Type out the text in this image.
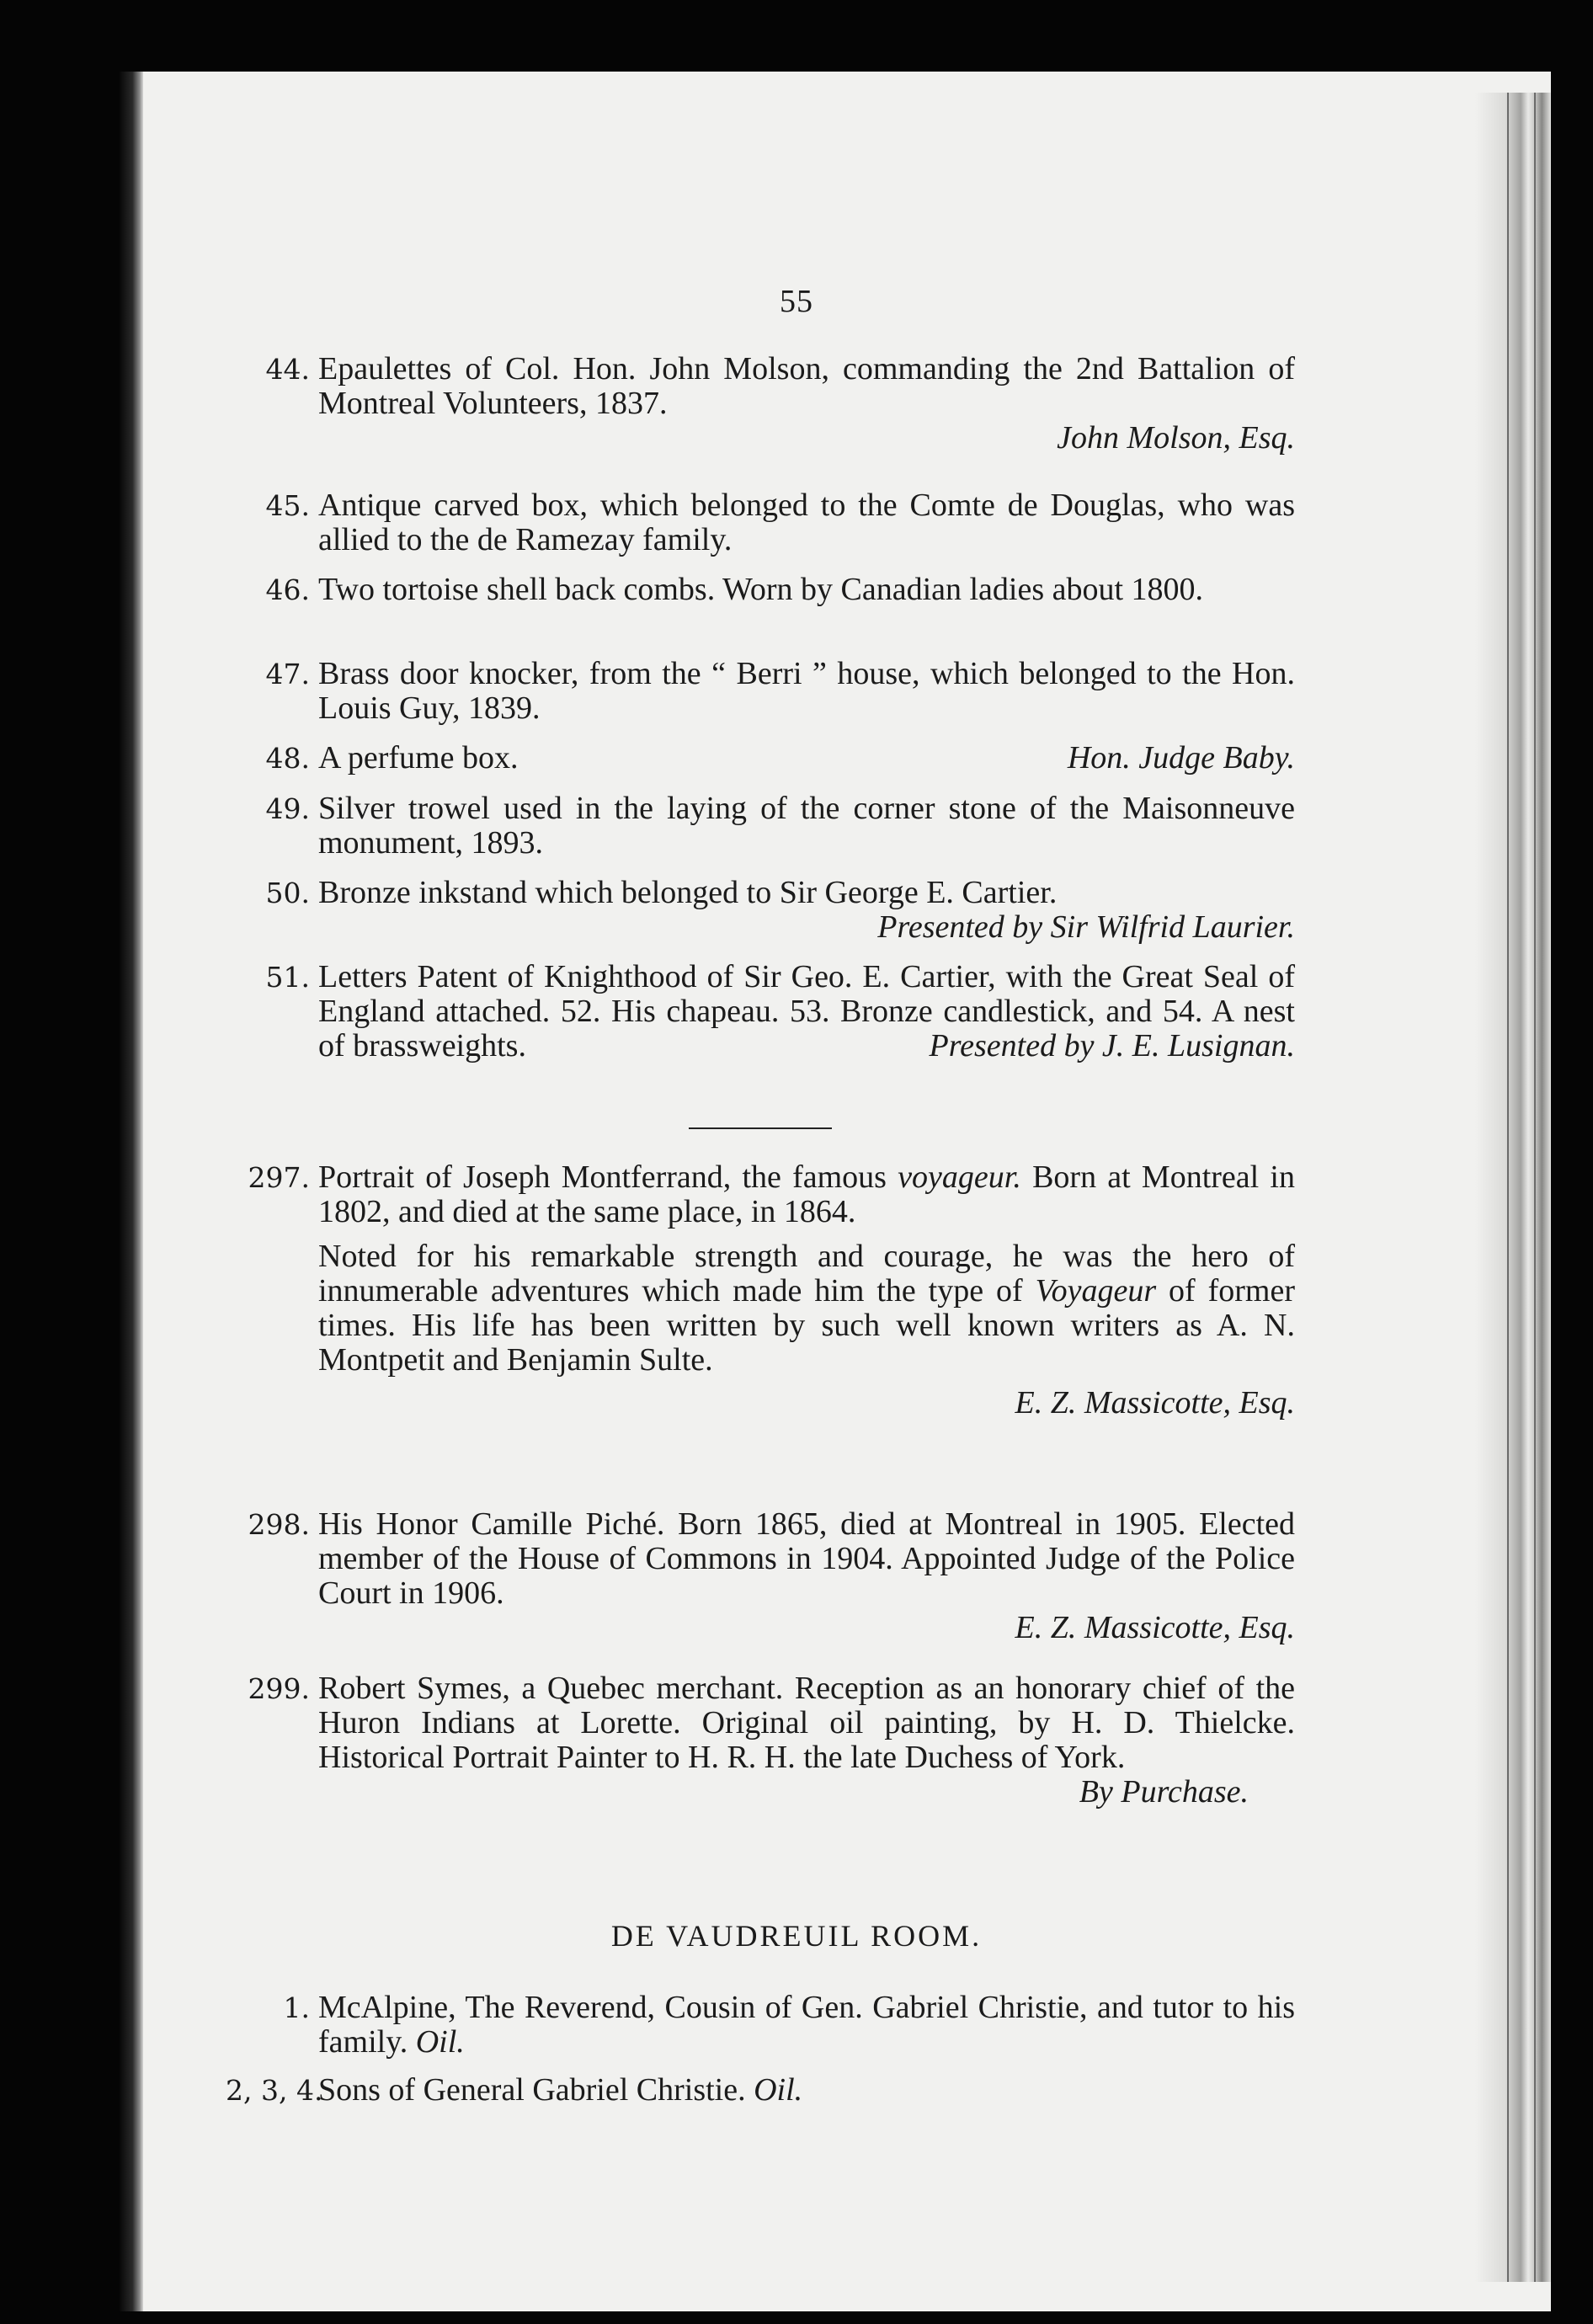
55
44. Epaulettes of Col. Hon. John Molson, commanding the 2nd Battalion of Montreal Volunteers, 1837.

John Molson, Esq.
45. Antique carved box, which belonged to the Comte de Douglas, who was allied to the de Ramezay family.

46. Two tortoise shell back combs. Worn by Canadian ladies about 1800.

47. Brass door knocker, from the “ Berri ” house, which belonged to the Hon. Louis Guy, 1839.

48. A perfume box.	Hon. Judge Baby.

49. Silver trowel used in the laying of the corner stone of the Maisonneuve monument, 1893.

50. Bronze inkstand which belonged to Sir George E. Cartier.
Presented by Sir Wilfrid Laurier.

51. Letters Patent of Knighthood of Sir Geo. E. Cartier, with the Great Seal of England attached. 52. His chapeau. 53. Bronze candlestick, and 54. A nest of brassweights.	Presented by J. E. Lusignan.

297. Portrait of Joseph Montferrand, the famous voyageur. Born at Montreal in 1802, and died at the same place, in 1864.

Noted for his remarkable strength and courage, he was the hero of innumerable adventures which made him the type of Voyageur of former times. His life has been written by such well known writers as A. N. Montpetit and Benjamin Sulte.

E. Z. Massicotte, Esq.
298. His Honor Camille Piché. Born 1865, died at Montreal in 1905. Elected member of the House of Commons in 1904. Appointed Judge of the Police Court in 1906.

E. Z. Massicotte, Esq.
299. Robert Symes, a Quebec merchant. Reception as an honorary chief of the Huron Indians at Lorette. Original oil painting, by H. D. Thielcke. Historical Portrait Painter to H. R. H. the late Duchess of York.

By Purchase.
DE VAUDREUIL ROOM.
1. McAlpine, The Reverend, Cousin of Gen. Gabriel Christie, and tutor to his family. Oil.

2, 3, 4.

Sons of General Gabriel Christie. Oil.
